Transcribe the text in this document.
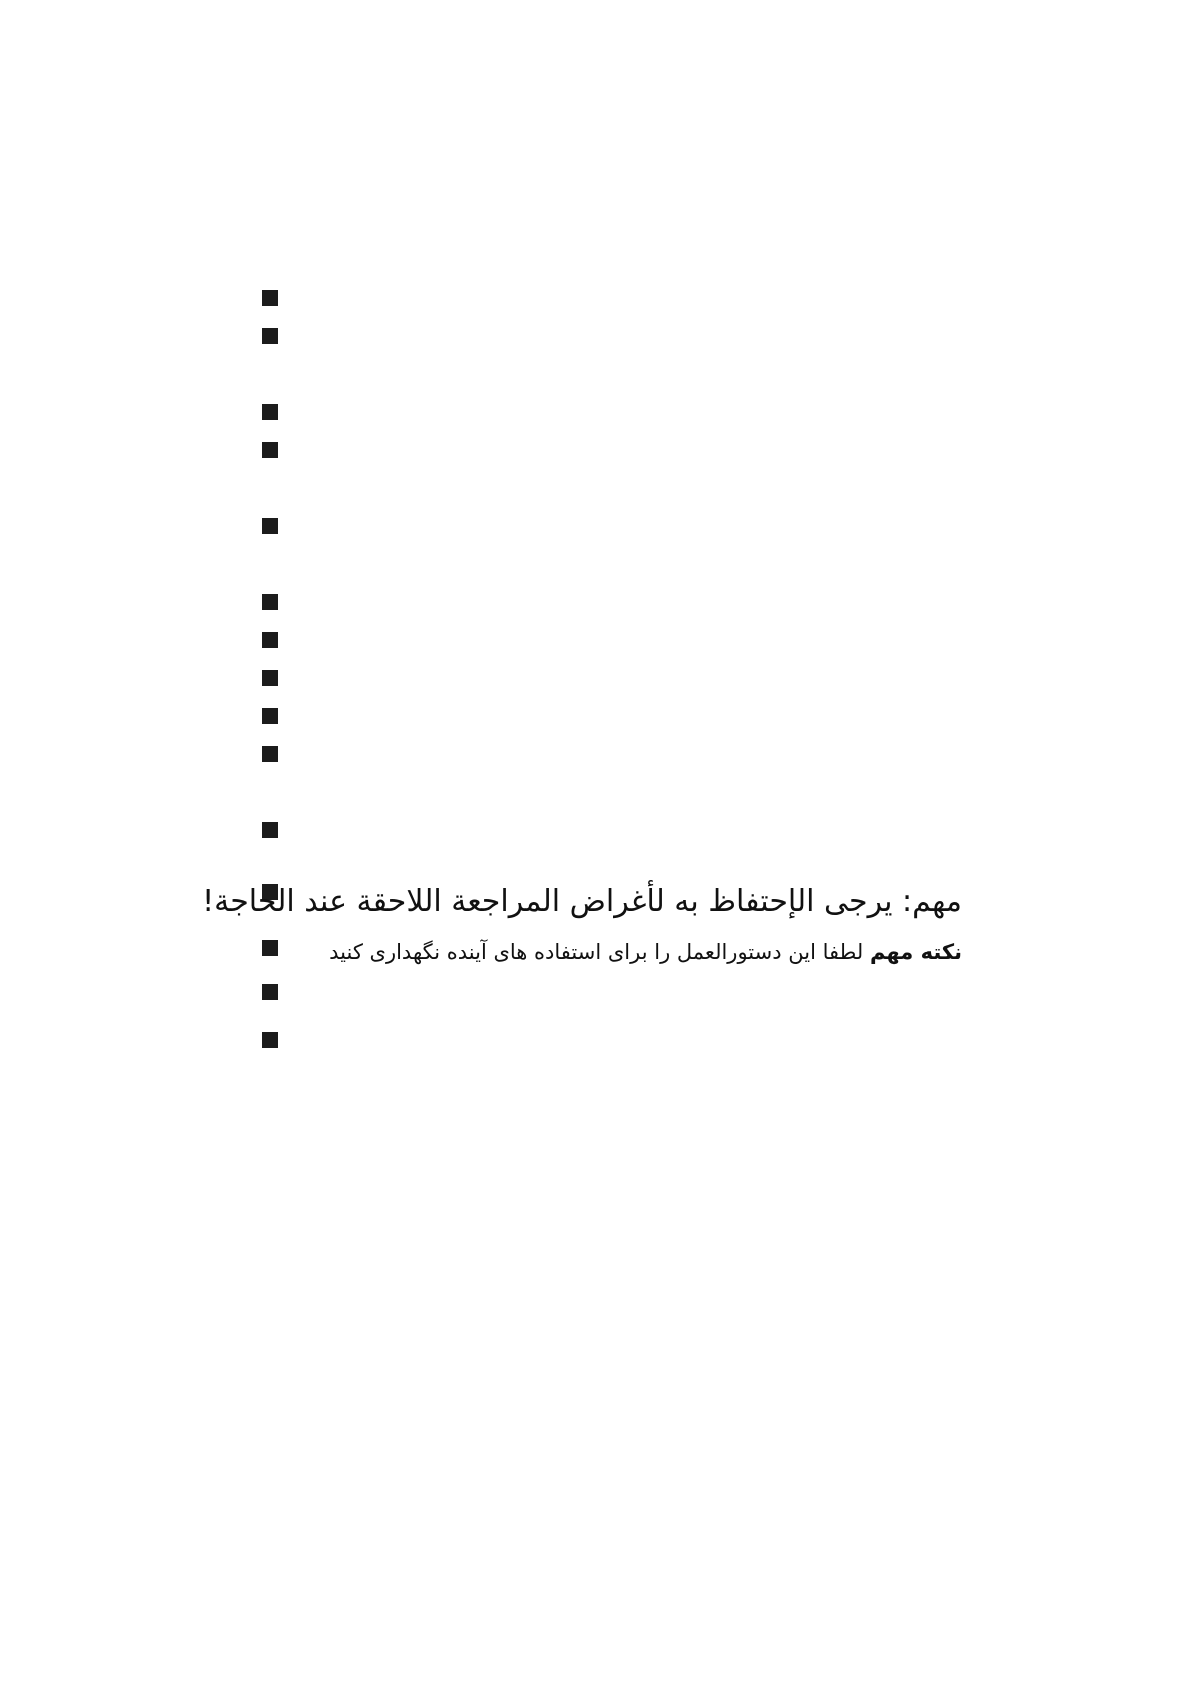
مهم: يرجى الإحتفاظ به لأغراض المراجعة اللاحقة عند الحاجة!
نكته مهم لطفا اين دستورالعمل را براى استفاده هاى آينده نگهدارى كنيد
